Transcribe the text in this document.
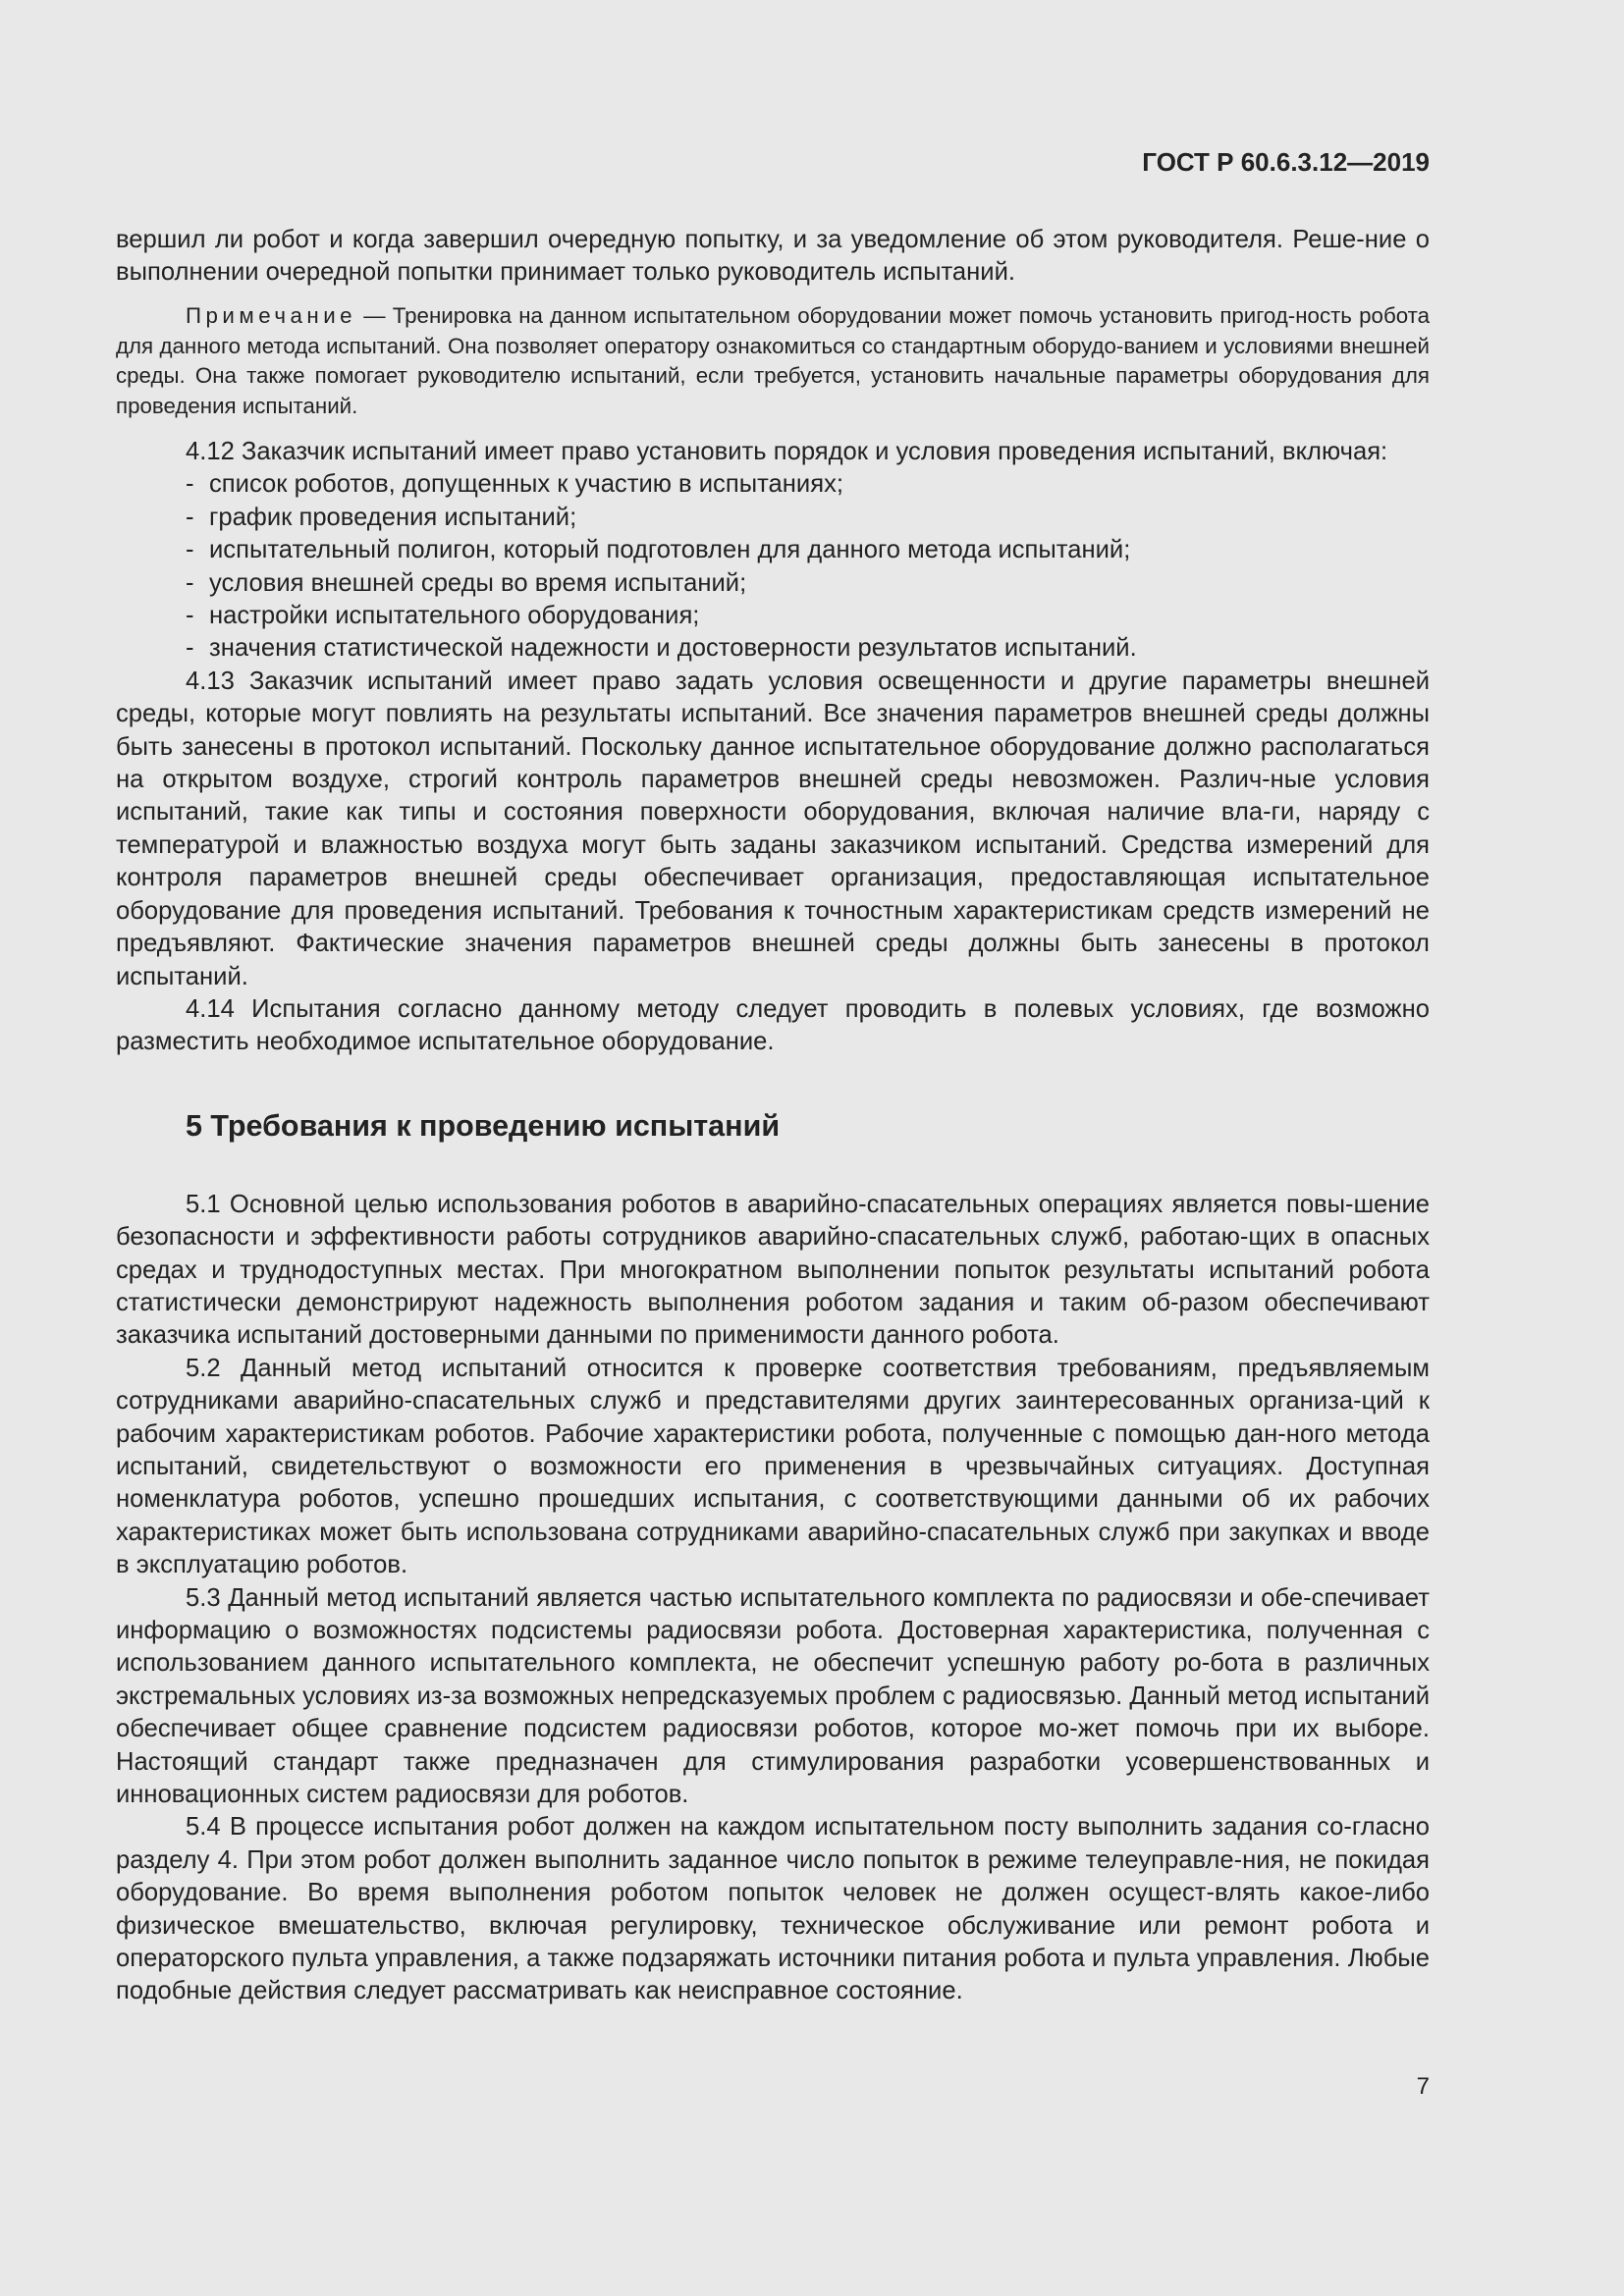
ГОСТ Р 60.6.3.12—2019

вершил ли робот и когда завершил очередную попытку, и за уведомление об этом руководителя. Реше-ние о выполнении очередной попытки принимает только руководитель испытаний.

Примечание — Тренировка на данном испытательном оборудовании может помочь установить пригод-ность робота для данного метода испытаний. Она позволяет оператору ознакомиться со стандартным оборудо-ванием и условиями внешней среды. Она также помогает руководителю испытаний, если требуется, установить начальные параметры оборудования для проведения испытаний.

4.12 Заказчик испытаний имеет право установить порядок и условия проведения испытаний, включая:

- список роботов, допущенных к участию в испытаниях;
- график проведения испытаний;
- испытательный полигон, который подготовлен для данного метода испытаний;
- условия внешней среды во время испытаний;
- настройки испытательного оборудования;
- значения статистической надежности и достоверности результатов испытаний.

4.13 Заказчик испытаний имеет право задать условия освещенности и другие параметры внешней среды, которые могут повлиять на результаты испытаний. Все значения параметров внешней среды должны быть занесены в протокол испытаний. Поскольку данное испытательное оборудование должно располагаться на открытом воздухе, строгий контроль параметров внешней среды невозможен. Различ-ные условия испытаний, такие как типы и состояния поверхности оборудования, включая наличие вла-ги, наряду с температурой и влажностью воздуха могут быть заданы заказчиком испытаний. Средства измерений для контроля параметров внешней среды обеспечивает организация, предоставляющая испытательное оборудование для проведения испытаний. Требования к точностным характеристикам средств измерений не предъявляют. Фактические значения параметров внешней среды должны быть занесены в протокол испытаний.

4.14 Испытания согласно данному методу следует проводить в полевых условиях, где возможно разместить необходимое испытательное оборудование.

5 Требования к проведению испытаний

5.1 Основной целью использования роботов в аварийно-спасательных операциях является повы-шение безопасности и эффективности работы сотрудников аварийно-спасательных служб, работаю-щих в опасных средах и труднодоступных местах. При многократном выполнении попыток результаты испытаний робота статистически демонстрируют надежность выполнения роботом задания и таким об-разом обеспечивают заказчика испытаний достоверными данными по применимости данного робота.

5.2 Данный метод испытаний относится к проверке соответствия требованиям, предъявляемым сотрудниками аварийно-спасательных служб и представителями других заинтересованных организа-ций к рабочим характеристикам роботов. Рабочие характеристики робота, полученные с помощью дан-ного метода испытаний, свидетельствуют о возможности его применения в чрезвычайных ситуациях. Доступная номенклатура роботов, успешно прошедших испытания, с соответствующими данными об их рабочих характеристиках может быть использована сотрудниками аварийно-спасательных служб при закупках и вводе в эксплуатацию роботов.

5.3 Данный метод испытаний является частью испытательного комплекта по радиосвязи и обе-спечивает информацию о возможностях подсистемы радиосвязи робота. Достоверная характеристика, полученная с использованием данного испытательного комплекта, не обеспечит успешную работу ро-бота в различных экстремальных условиях из-за возможных непредсказуемых проблем с радиосвязью. Данный метод испытаний обеспечивает общее сравнение подсистем радиосвязи роботов, которое мо-жет помочь при их выборе. Настоящий стандарт также предназначен для стимулирования разработки усовершенствованных и инновационных систем радиосвязи для роботов.

5.4 В процессе испытания робот должен на каждом испытательном посту выполнить задания со-гласно разделу 4. При этом робот должен выполнить заданное число попыток в режиме телеуправле-ния, не покидая оборудование. Во время выполнения роботом попыток человек не должен осущест-влять какое-либо физическое вмешательство, включая регулировку, техническое обслуживание или ремонт робота и операторского пульта управления, а также подзаряжать источники питания робота и пульта управления. Любые подобные действия следует рассматривать как неисправное состояние.

7
